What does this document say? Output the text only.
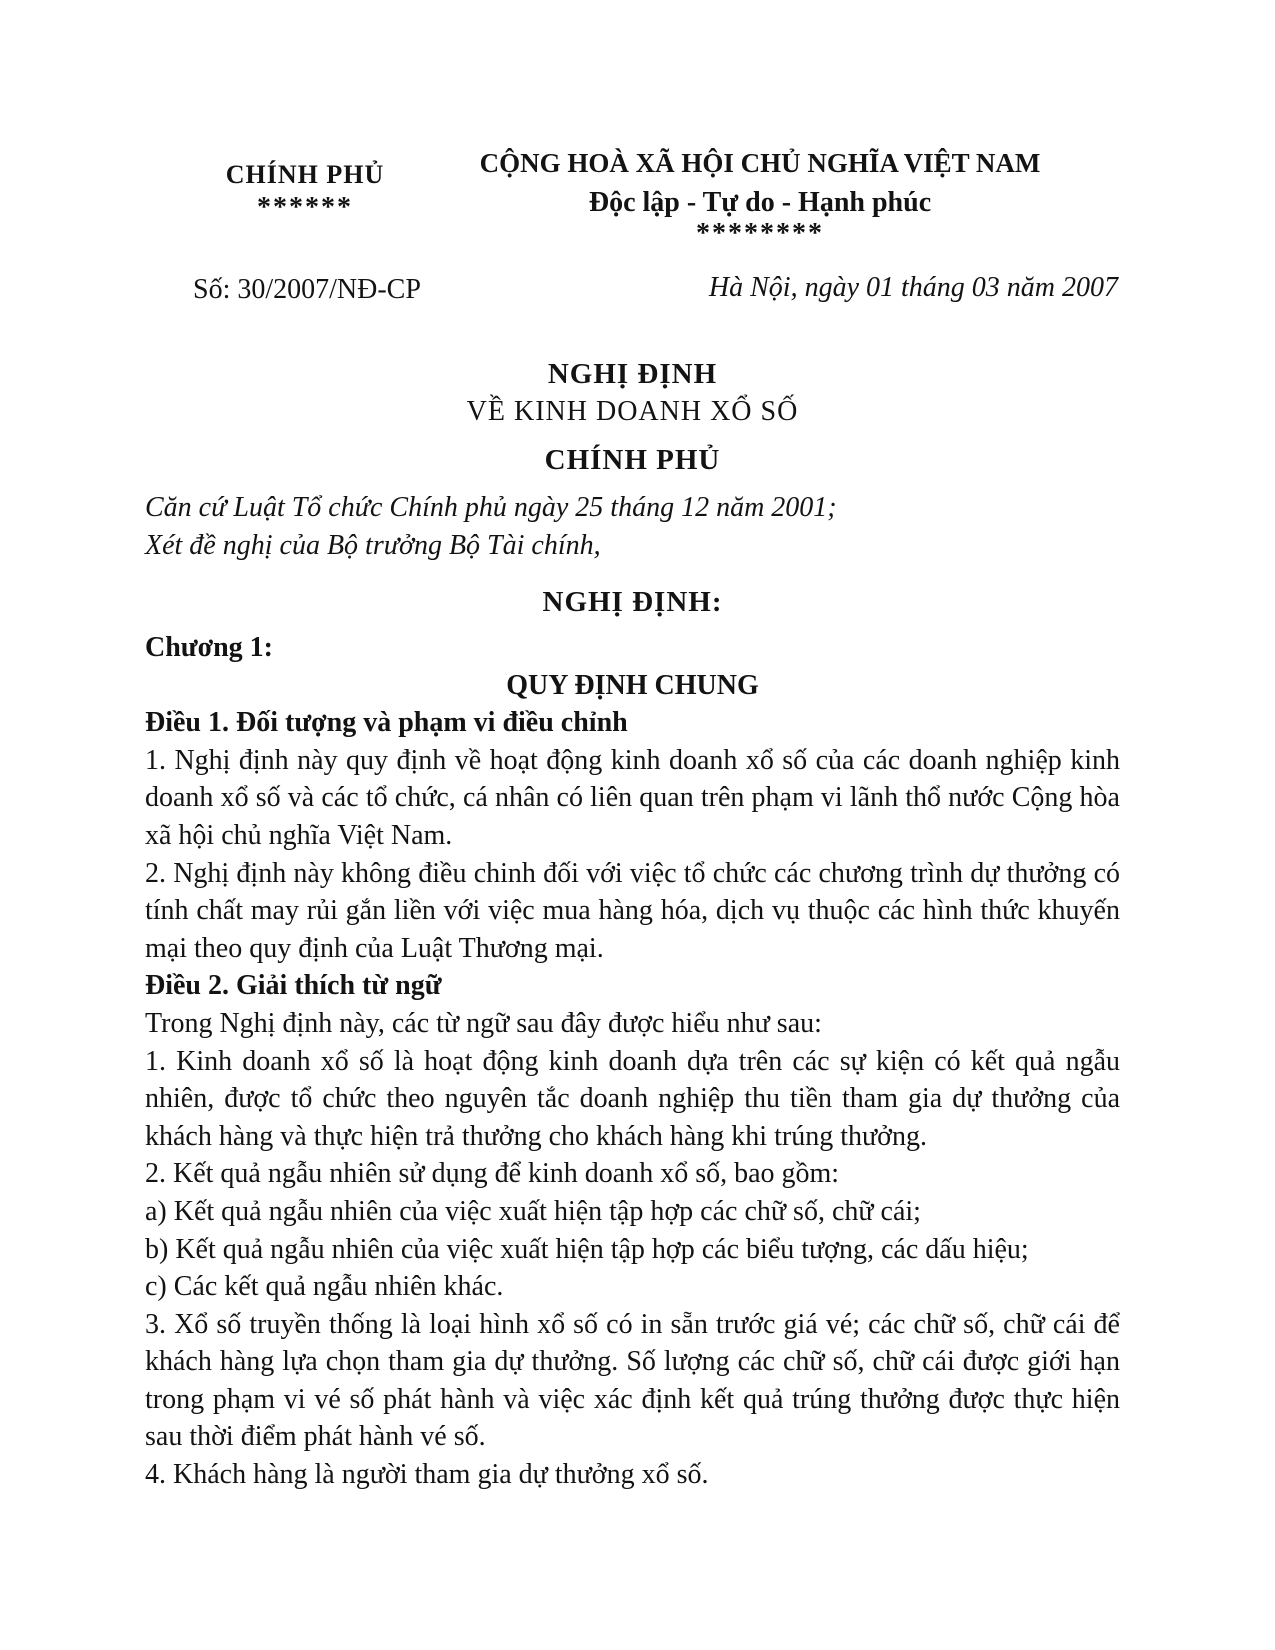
CHÍNH PHỦ
******
CỘNG HOÀ XÃ HỘI CHỦ NGHĨA VIỆT NAM
Độc lập - Tự do - Hạnh phúc
********
Số: 30/2007/NĐ-CP	Hà Nội, ngày 01 tháng 03 năm 2007
NGHỊ ĐỊNH
VỀ KINH DOANH XỔ SỐ
CHÍNH PHỦ
Căn cứ Luật Tổ chức Chính phủ ngày 25 tháng 12 năm 2001;
Xét đề nghị của Bộ trưởng Bộ Tài chính,
NGHỊ ĐỊNH:

Chương 1:

QUY ĐỊNH CHUNG

Điều 1. Đối tượng và phạm vi điều chỉnh

1. Nghị định này quy định về hoạt động kinh doanh xổ số của các doanh nghiệp kinh doanh xổ số và các tổ chức, cá nhân có liên quan trên phạm vi lãnh thổ nước Cộng hòa xã hội chủ nghĩa Việt Nam.

2. Nghị định này không điều chinh đối với việc tổ chức các chương trình dự thưởng có tính chất may rủi gắn liền với việc mua hàng hóa, dịch vụ thuộc các hình thức khuyến mại theo quy định của Luật Thương mại.

Điều 2. Giải thích từ ngữ

Trong Nghị định này, các từ ngữ sau đây được hiểu như sau:

1. Kinh doanh xổ số là hoạt động kinh doanh dựa trên các sự kiện có kết quả ngẫu nhiên, được tổ chức theo nguyên tắc doanh nghiệp thu tiền tham gia dự thưởng của khách hàng và thực hiện trả thưởng cho khách hàng khi trúng thưởng.

2. Kết quả ngẫu nhiên sử dụng để kinh doanh xổ số, bao gồm:

a) Kết quả ngẫu nhiên của việc xuất hiện tập hợp các chữ số, chữ cái;

b) Kết quả ngẫu nhiên của việc xuất hiện tập hợp các biểu tượng, các dấu hiệu;

c) Các kết quả ngẫu nhiên khác.

3. Xổ số truyền thống là loại hình xổ số có in sẵn trước giá vé; các chữ số, chữ cái để khách hàng lựa chọn tham gia dự thưởng. Số lượng các chữ số, chữ cái được giới hạn trong phạm vi vé số phát hành và việc xác định kết quả trúng thưởng được thực hiện sau thời điểm phát hành vé số.

4. Khách hàng là người tham gia dự thưởng xổ số.
